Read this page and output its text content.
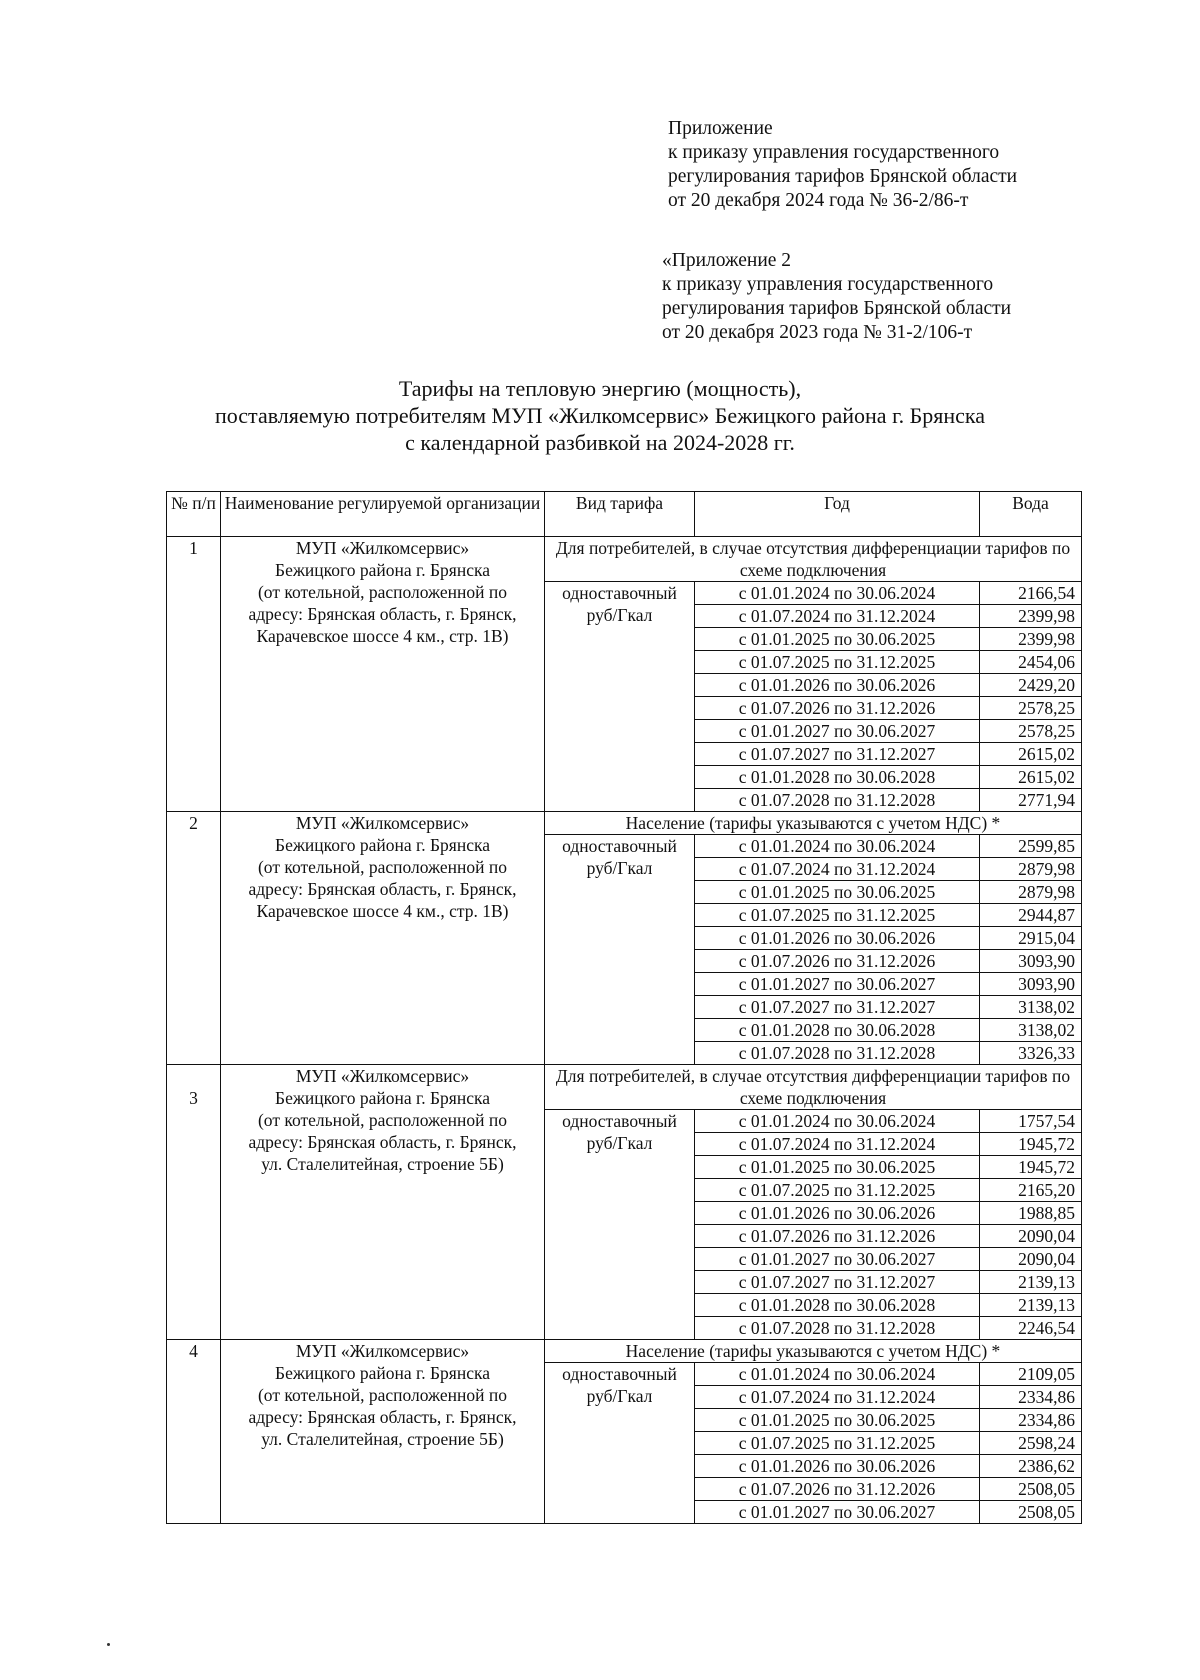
Приложение
к приказу управления государственного
регулирования тарифов Брянской области
от 20 декабря 2024 года № 36-2/86-т
«Приложение 2
к приказу управления государственного
регулирования тарифов Брянской области
от 20 декабря 2023 года № 31-2/106-т
Тарифы на тепловую энергию (мощность),
поставляемую потребителям МУП «Жилкомсервис» Бежицкого района г. Брянска
с календарной разбивкой на 2024-2028 гг.
№ п/п	Наименование регулируемой организации	Вид тарифа	Год	Вода
1	МУП «Жилкомсервис»
Бежицкого района г. Брянска
(от котельной, расположенной по
адресу: Брянская область, г. Брянск,
Карачевское шоссе 4 км., стр. 1В)	Для потребителей, в случае отсутствия дифференциации тарифов по схеме подключения		

		одноставочный
руб/Гкал	с 01.01.2024 по 30.06.2024	2166,54
			с 01.07.2024 по 31.12.2024	2399,98
			с 01.01.2025 по 30.06.2025	2399,98
			с 01.07.2025 по 31.12.2025	2454,06
			с 01.01.2026 по 30.06.2026	2429,20
			с 01.07.2026 по 31.12.2026	2578,25
			с 01.01.2027 по 30.06.2027	2578,25
			с 01.07.2027 по 31.12.2027	2615,02
			с 01.01.2028 по 30.06.2028	2615,02
			с 01.07.2028 по 31.12.2028	2771,94
2	МУП «Жилкомсервис»
Бежицкого района г. Брянска
(от котельной, расположенной по
адресу: Брянская область, г. Брянск,
Карачевское шоссе 4 км., стр. 1В)	Население (тарифы указываются с учетом НДС) *		

		одноставочный
руб/Гкал	с 01.01.2024 по 30.06.2024	2599,85
			с 01.07.2024 по 31.12.2024	2879,98
			с 01.01.2025 по 30.06.2025	2879,98
			с 01.07.2025 по 31.12.2025	2944,87
			с 01.01.2026 по 30.06.2026	2915,04
			с 01.07.2026 по 31.12.2026	3093,90
			с 01.01.2027 по 30.06.2027	3093,90
			с 01.07.2027 по 31.12.2027	3138,02
			с 01.01.2028 по 30.06.2028	3138,02
			с 01.07.2028 по 31.12.2028	3326,33
3	МУП «Жилкомсервис»
Бежицкого района г. Брянска
(от котельной, расположенной по
адресу: Брянская область, г. Брянск,
ул. Сталелитейная, строение 5Б)	Для потребителей, в случае отсутствия дифференциации тарифов по схеме подключения		

		одноставочный
руб/Гкал	с 01.01.2024 по 30.06.2024	1757,54
			с 01.07.2024 по 31.12.2024	1945,72
			с 01.01.2025 по 30.06.2025	1945,72
			с 01.07.2025 по 31.12.2025	2165,20
			с 01.01.2026 по 30.06.2026	1988,85
			с 01.07.2026 по 31.12.2026	2090,04
			с 01.01.2027 по 30.06.2027	2090,04
			с 01.07.2027 по 31.12.2027	2139,13
			с 01.01.2028 по 30.06.2028	2139,13
			с 01.07.2028 по 31.12.2028	2246,54
4	МУП «Жилкомсервис»
Бежицкого района г. Брянска
(от котельной, расположенной по
адресу: Брянская область, г. Брянск,
ул. Сталелитейная, строение 5Б)	Население (тарифы указываются с учетом НДС) *		

		одноставочный
руб/Гкал	с 01.01.2024 по 30.06.2024	2109,05
			с 01.07.2024 по 31.12.2024	2334,86
			с 01.01.2025 по 30.06.2025	2334,86
			с 01.07.2025 по 31.12.2025	2598,24
			с 01.01.2026 по 30.06.2026	2386,62
			с 01.07.2026 по 31.12.2026	2508,05
			с 01.01.2027 по 30.06.2027	2508,05
